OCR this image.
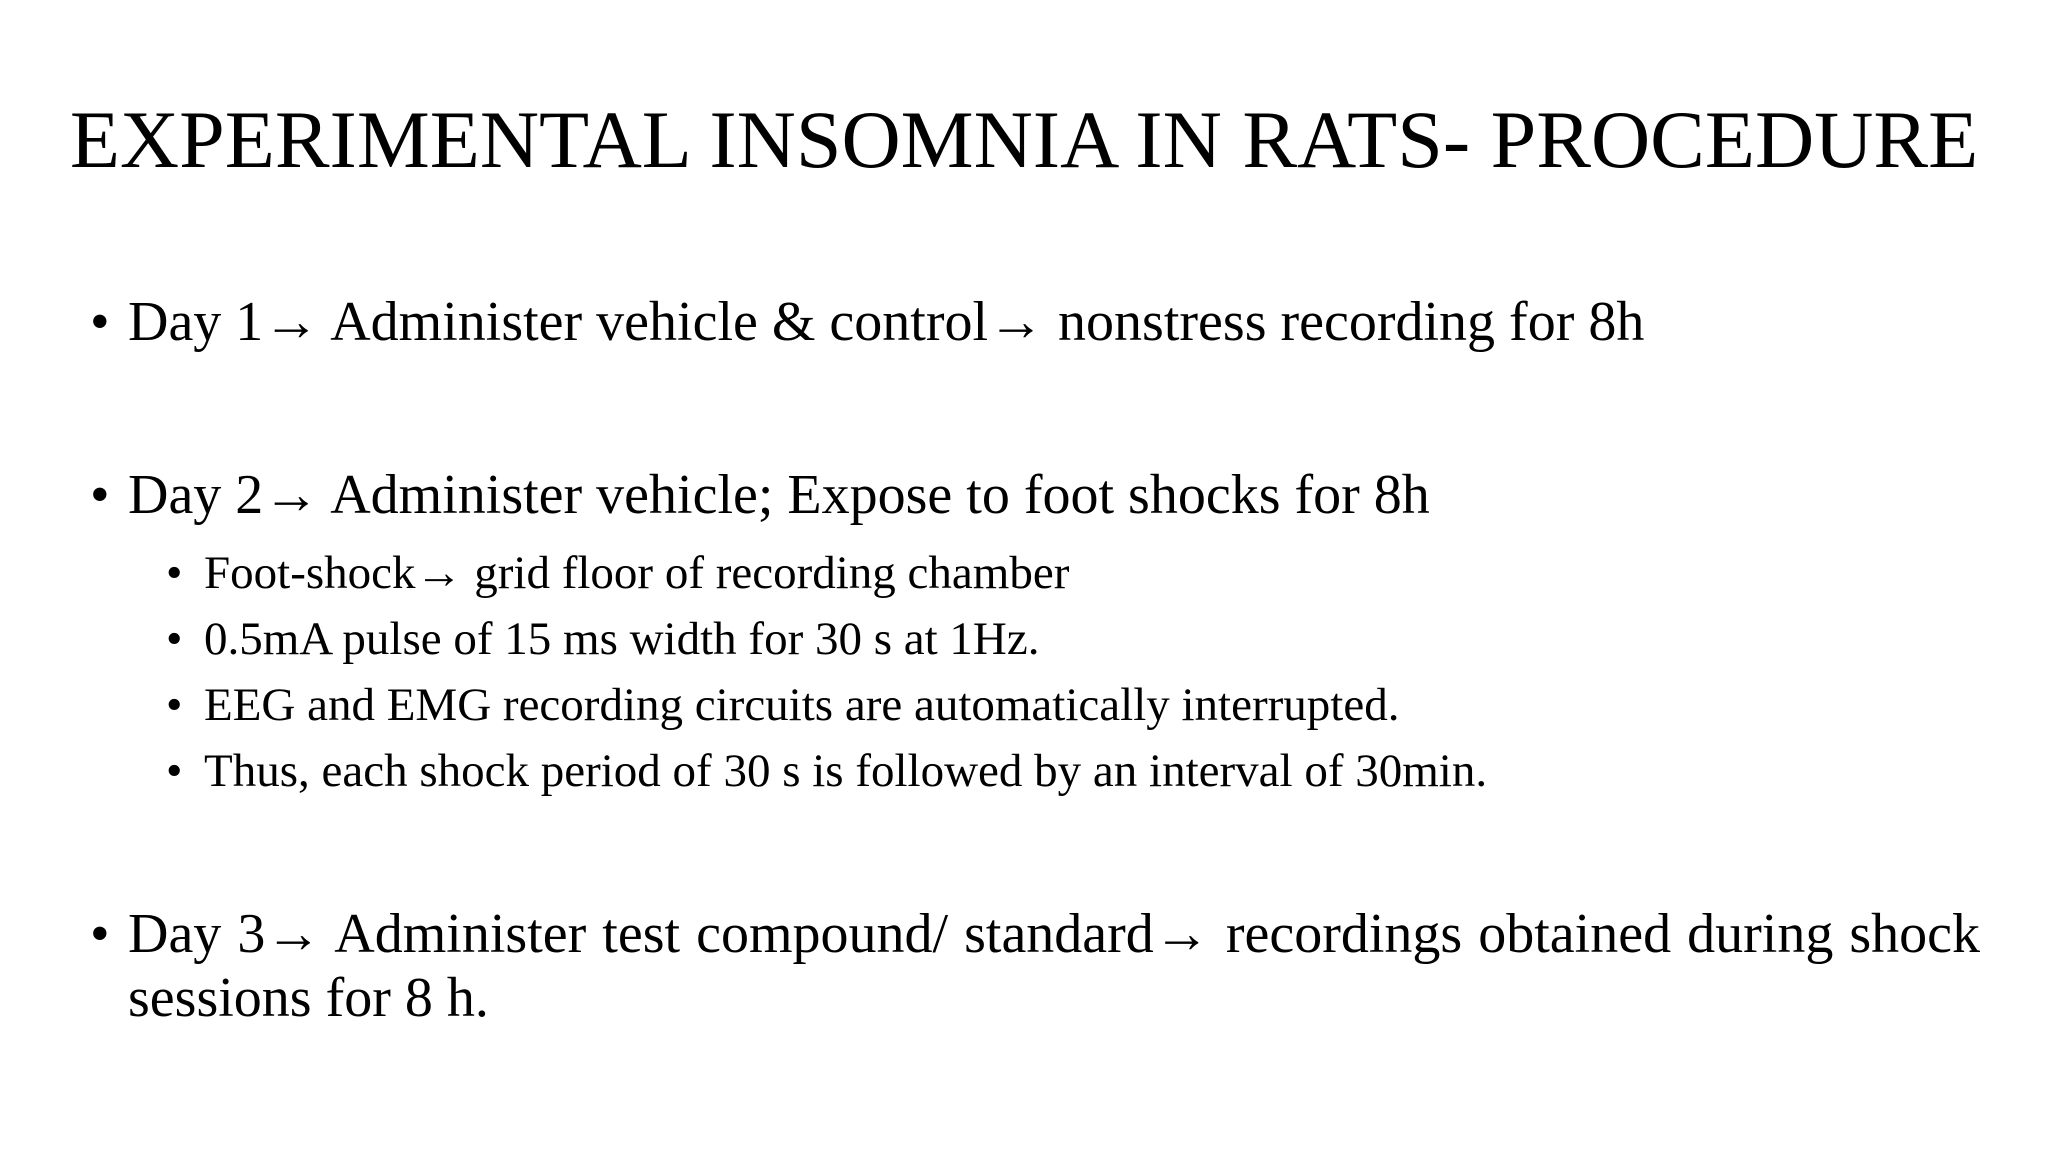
EXPERIMENTAL INSOMNIA IN RATS- PROCEDURE
• Day 1→ Administer vehicle & control→ nonstress recording for 8h
• Day 2→ Administer vehicle; Expose to foot shocks for 8h
• Foot-shock→ grid floor of recording chamber
• 0.5mA pulse of 15 ms width for 30 s at 1Hz.
• EEG and EMG recording circuits are automatically interrupted.
• Thus, each shock period of 30 s is followed by an interval of 30min.
• Day 3→ Administer test compound/ standard→ recordings obtained during shock sessions for 8 h.
